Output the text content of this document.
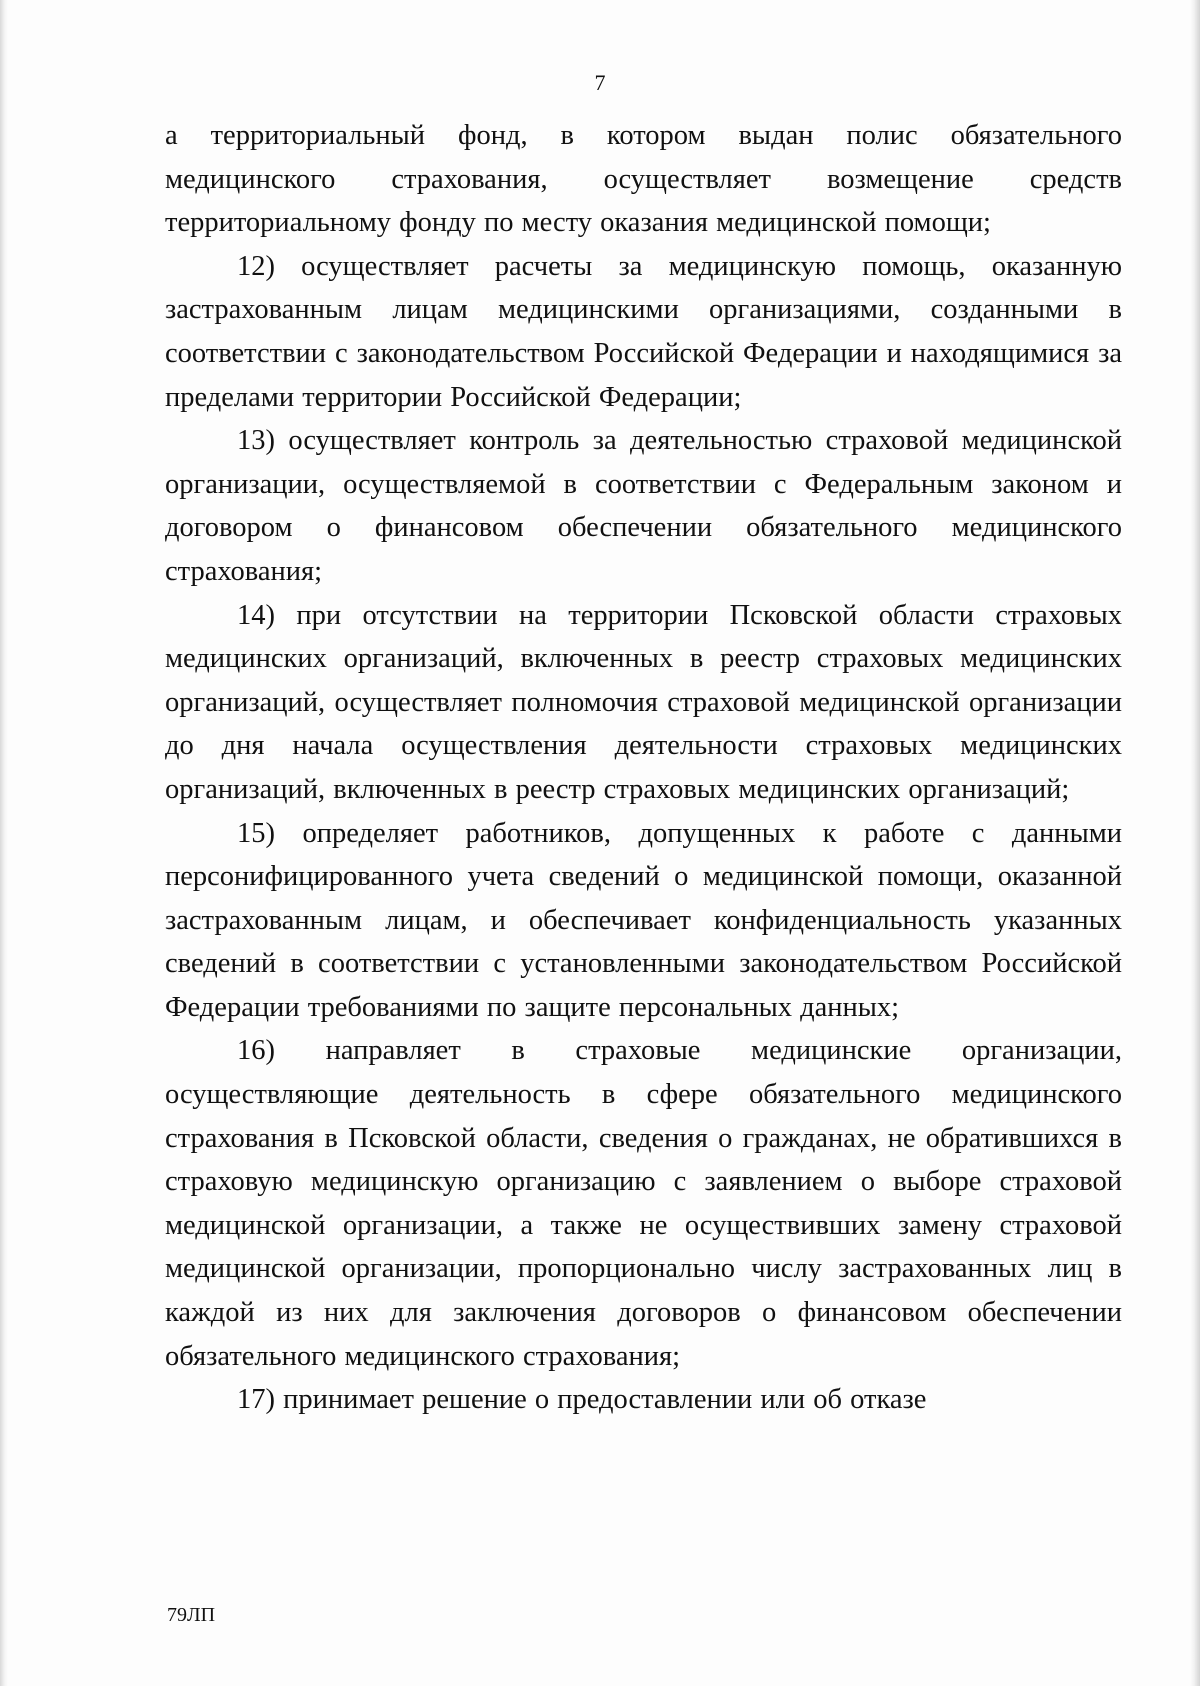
7

а территориальный фонд, в котором выдан полис обязательного медицинского страхования, осуществляет возмещение средств территориальному фонду по месту оказания медицинской помощи;

12) осуществляет расчеты за медицинскую помощь, оказанную застрахованным лицам медицинскими организациями, созданными в соответствии с законодательством Российской Федерации и находящимися за пределами территории Российской Федерации;

13) осуществляет контроль за деятельностью страховой медицинской организации, осуществляемой в соответствии с Федеральным законом и договором о финансовом обеспечении обязательного медицинского страхования;

14) при отсутствии на территории Псковской области страховых медицинских организаций, включенных в реестр страховых медицинских организаций, осуществляет полномочия страховой медицинской организации до дня начала осуществления деятельности страховых медицинских организаций, включенных в реестр страховых медицинских организаций;

15) определяет работников, допущенных к работе с данными персонифицированного учета сведений о медицинской помощи, оказанной застрахованным лицам, и обеспечивает конфиденциальность указанных сведений в соответствии с установленными законодательством Российской Федерации требованиями по защите персональных данных;

16) направляет в страховые медицинские организации, осуществляющие деятельность в сфере обязательного медицинского страхования в Псковской области, сведения о гражданах, не обратившихся в страховую медицинскую организацию с заявлением о выборе страховой медицинской организации, а также не осуществивших замену страховой медицинской организации, пропорционально числу застрахованных лиц в каждой из них для заключения договоров о финансовом обеспечении обязательного медицинского страхования;

17) принимает решение о предоставлении или об отказе

79ЛП
